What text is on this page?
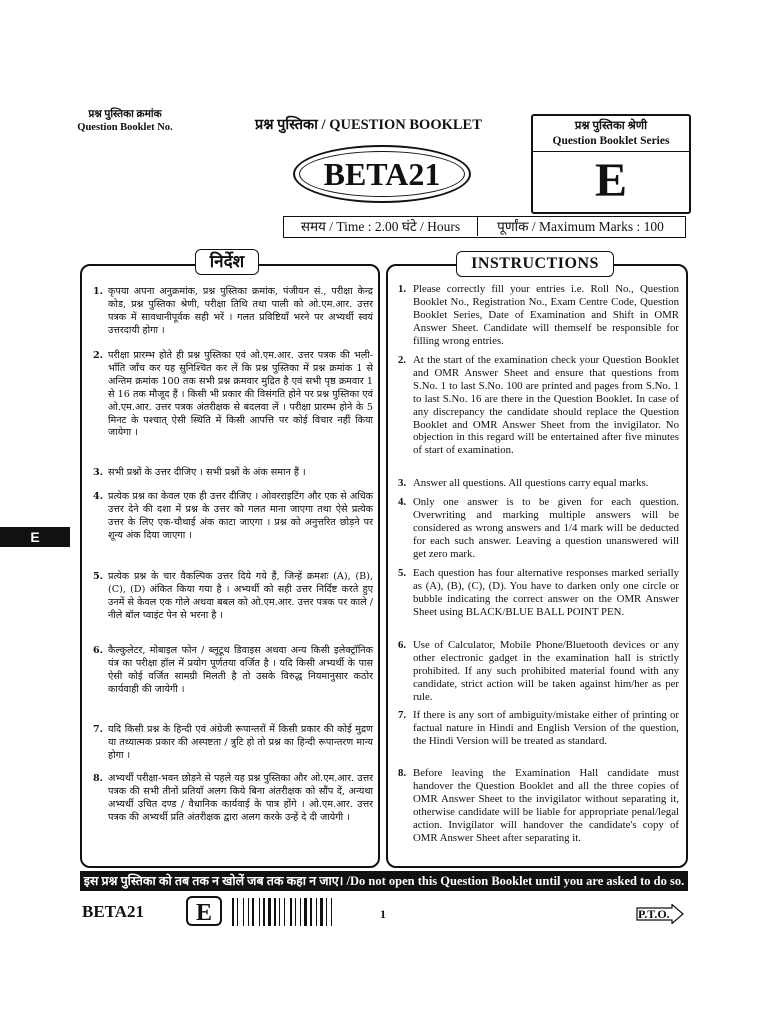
प्रश्न पुस्तिका क्रमांक
Question Booklet No.	प्रश्न पुस्तिका / QUESTION BOOKLET	प्रश्न पुस्तिका श्रेणी
Question Booklet Series
E
BETA21
समय / Time : 2.00 घंटे / Hours	पूर्णांक / Maximum Marks : 100
E
निर्देश	INSTRUCTIONS
1. कृपया अपना अनुक्रमांक, प्रश्न पुस्तिका क्रमांक, पंजीयन सं., परीक्षा केन्द्र कोड, प्रश्न पुस्तिका श्रेणी, परीक्षा तिथि तथा पाली को ओ.एम.आर. उत्तर पत्रक में सावधानीपूर्वक सही भरें । गलत प्रविष्टियाँ भरने पर अभ्यर्थी स्वयं उत्तरदायी होगा ।
2. परीक्षा प्रारम्भ होते ही प्रश्न पुस्तिका एवं ओ.एम.आर. उत्तर पत्रक की भली-भाँति जाँच कर यह सुनिश्चित कर लें कि प्रश्न पुस्तिका में प्रश्न क्रमांक 1 से अन्तिम क्रमांक 100 तक सभी प्रश्न क्रमवार मुद्रित है एवं सभी पृष्ठ क्रमवार 1 से 16 तक मौजूद हैं । किसी भी प्रकार की विसंगति होने पर प्रश्न पुस्तिका एवं ओ.एम.आर. उत्तर पत्रक अंतरीक्षक से बदलवा लें । परीक्षा प्रारम्भ होने के 5 मिनट के पश्चात् ऐसी स्थिति में किसी आपत्ति पर कोई विचार नहीं किया जायेगा ।
3. सभी प्रश्नों के उत्तर दीजिए । सभी प्रश्नों के अंक समान हैं ।
4. प्रत्येक प्रश्न का केवल एक ही उत्तर दीजिए । ओवरराइटिंग और एक से अधिक उत्तर देने की दशा में प्रश्न के उत्तर को गलत माना जाएगा तथा ऐसे प्रत्येक उत्तर के लिए एक-चौथाई अंक काटा जाएगा । प्रश्न को अनुत्तरित छोड़ने पर शून्य अंक दिया जाएगा ।
5. प्रत्येक प्रश्न के चार वैकल्पिक उत्तर दिये गये हैं, जिन्हें क्रमशः (A), (B), (C), (D) अंकित किया गया है । अभ्यर्थी को सही उत्तर निर्दिष्ट करते हुए उनमें से केवल एक गोले अथवा बबल को ओ.एम.आर. उत्तर पत्रक पर काले / नीले बॉल प्वाइंट पेन से भरना है ।
6. कैल्कुलेटर, मोबाइल फोन / ब्लूटूथ डिवाइस अथवा अन्य किसी इलेक्ट्रॉनिक यंत्र का परीक्षा हॉल में प्रयोग पूर्णतया वर्जित है । यदि किसी अभ्यर्थी के पास ऐसी कोई वर्जित सामग्री मिलती है तो उसके विरुद्ध नियमानुसार कठोर कार्यवाही की जायेगी ।
7. यदि किसी प्रश्न के हिन्दी एवं अंग्रेजी रूपान्तरों में किसी प्रकार की कोई मुद्रण या तथ्यात्मक प्रकार की अस्पष्टता / त्रुटि हो तो प्रश्न का हिन्दी रूपान्तरण मान्य होगा ।
8. अभ्यर्थी परीक्षा-भवन छोड़ने से पहले यह प्रश्न पुस्तिका और ओ.एम.आर. उत्तर पत्रक की सभी तीनों प्रतियाँ अलग किये बिना अंतरीक्षक को सौंप दें, अन्यथा अभ्यर्थी उचित दण्ड / वैधानिक कार्यवाई के पात्र होंगे । ओ.एम.आर. उत्तर पत्रक की अभ्यर्थी प्रति अंतरीक्षक द्वारा अलग करके उन्हें दे दी जायेगी ।
1. Please correctly fill your entries i.e. Roll No., Question Booklet No., Registration No., Exam Centre Code, Question Booklet Series, Date of Examination and Shift in OMR Answer Sheet. Candidate will themself be responsible for filling wrong entries.
2. At the start of the examination check your Question Booklet and OMR Answer Sheet and ensure that questions from S.No. 1 to last S.No. 100 are printed and pages from S.No. 1 to last S.No. 16 are there in the Question Booklet. In case of any discrepancy the candidate should replace the Question Booklet and OMR Answer Sheet from the invigilator. No objection in this regard will be entertained after five minutes of start of examination.
3. Answer all questions. All questions carry equal marks.
4. Only one answer is to be given for each question. Overwriting and marking multiple answers will be considered as wrong answers and 1/4 mark will be deducted for each such answer. Leaving a question unanswered will get zero mark.
5. Each question has four alternative responses marked serially as (A), (B), (C), (D). You have to darken only one circle or bubble indicating the correct answer on the OMR Answer Sheet using BLACK/BLUE BALL POINT PEN.
6. Use of Calculator, Mobile Phone/Bluetooth devices or any other electronic gadget in the examination hall is strictly prohibited. If any such prohibited material found with any candidate, strict action will be taken against him/her as per rule.
7. If there is any sort of ambiguity/mistake either of printing or factual nature in Hindi and English Version of the question, the Hindi Version will be treated as standard.
8. Before leaving the Examination Hall candidate must handover the Question Booklet and all the three copies of OMR Answer Sheet to the invigilator without separating it, otherwise candidate will be liable for appropriate penal/legal action. Invigilator will handover the candidate's copy of OMR Answer Sheet after separating it.
इस प्रश्न पुस्तिका को तब तक न खोलें जब तक कहा न जाए। /Do not open this Question Booklet until you are asked to do so.
BETA21	E	1	P.T.O.
